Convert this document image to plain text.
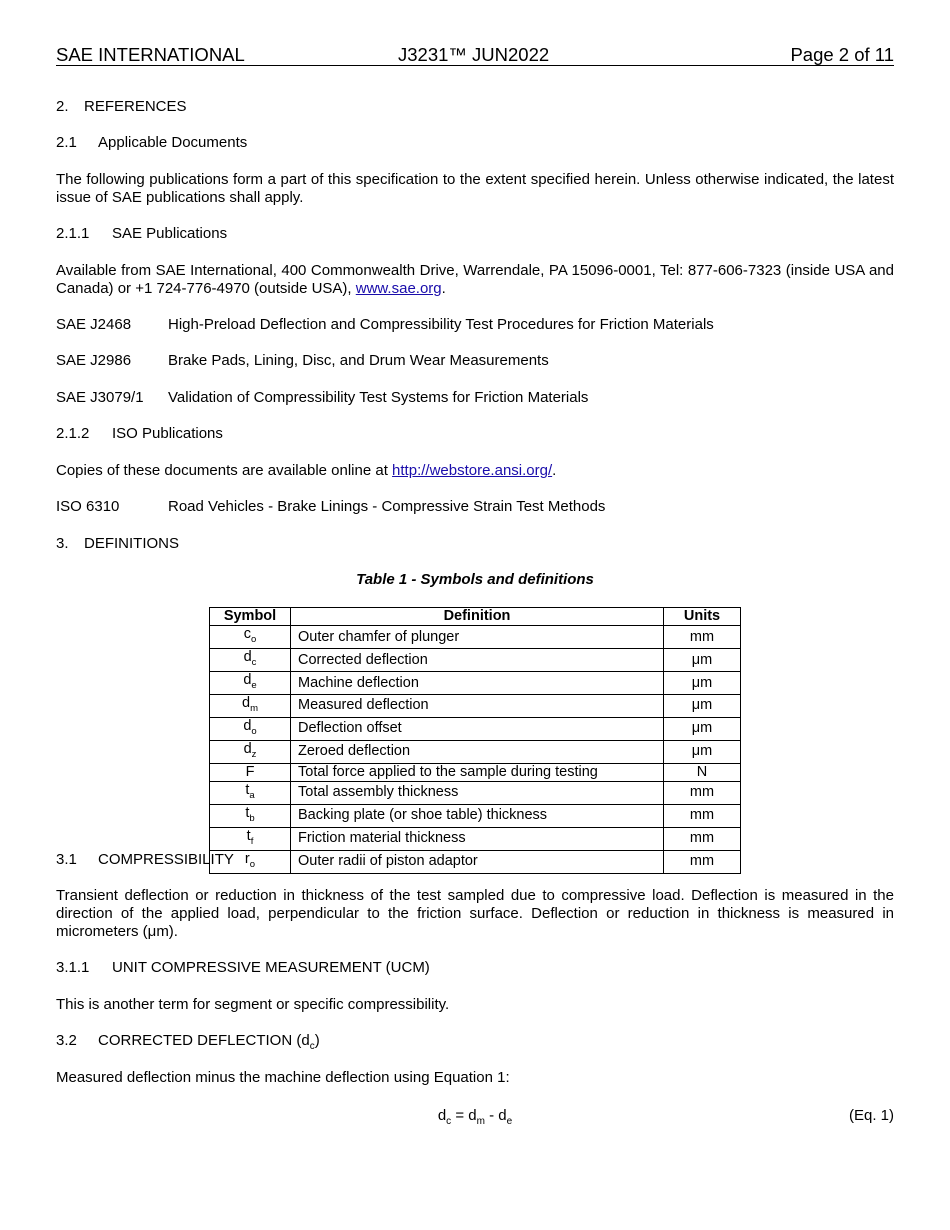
SAE INTERNATIONAL	J3231™ JUN2022	Page 2 of 11
2. REFERENCES
2.1 Applicable Documents
The following publications form a part of this specification to the extent specified herein. Unless otherwise indicated, the latest issue of SAE publications shall apply.
2.1.1 SAE Publications
Available from SAE International, 400 Commonwealth Drive, Warrendale, PA 15096-0001, Tel: 877-606-7323 (inside USA and Canada) or +1 724-776-4970 (outside USA), www.sae.org.
SAE J2468 High-Preload Deflection and Compressibility Test Procedures for Friction Materials
SAE J2986 Brake Pads, Lining, Disc, and Drum Wear Measurements
SAE J3079/1 Validation of Compressibility Test Systems for Friction Materials
2.1.2 ISO Publications
Copies of these documents are available online at http://webstore.ansi.org/.
ISO 6310	Road Vehicles - Brake Linings - Compressive Strain Test Methods
3. DEFINITIONS
Table 1 - Symbols and definitions
Symbol	Definition	Units
$c_o$	Outer chamfer of plunger	mm
$d_c$	Corrected deflection	μm
$d_e$	Machine deflection	μm
$d_m$	Measured deflection	μm
$d_o$	Deflection offset	μm
$d_z$	Zeroed deflection	μm
F	Total force applied to the sample during testing	N
$t_a$	Total assembly thickness	mm
$t_b$	Backing plate (or shoe table) thickness	mm
$t_f$	Friction material thickness	mm
$r_o$	Outer radii of piston adaptor	mm
3.1 COMPRESSIBILITY
Transient deflection or reduction in thickness of the test sampled due to compressive load. Deflection is measured in the direction of the applied load, perpendicular to the friction surface. Deflection or reduction in thickness is measured in micrometers (μm).
3.1.1 UNIT COMPRESSIVE MEASUREMENT (UCM)
This is another term for segment or specific compressibility.
3.2 CORRECTED DEFLECTION $(d_c)$
Measured deflection minus the machine deflection using Equation 1:
$d_c = d_m - d_e$	(Eq. 1)
